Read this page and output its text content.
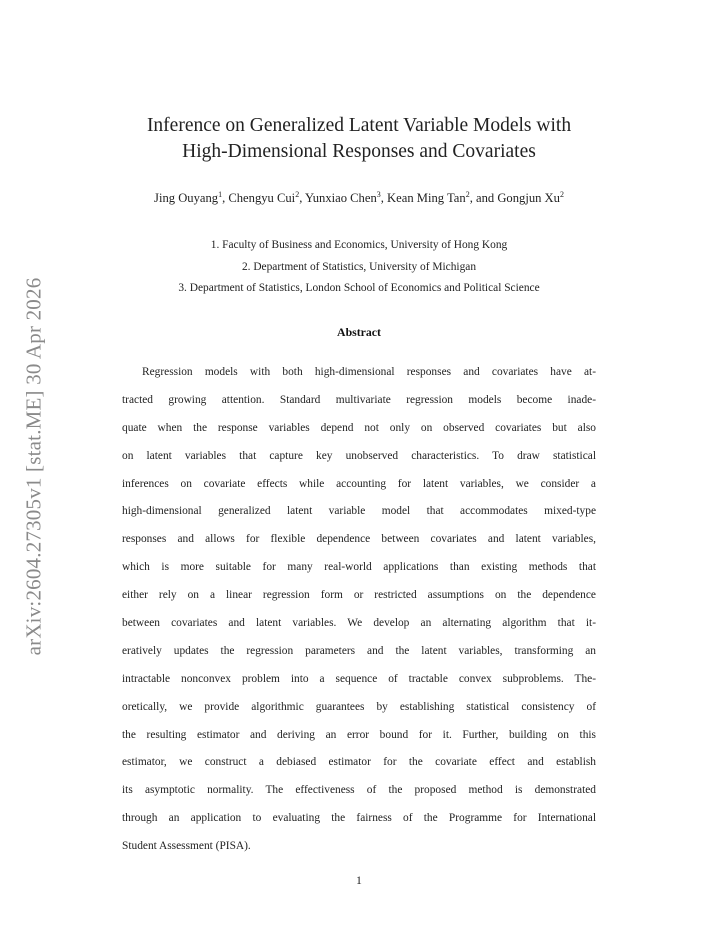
arXiv:2604.27305v1 [stat.ME] 30 Apr 2026
Inference on Generalized Latent Variable Models with
High-Dimensional Responses and Covariates
Jing Ouyang$^1$, Chengyu Cui$^2$, Yunxiao Chen$^3$, Kean Ming Tan$^2$, and Gongjun Xu$^2$
1. Faculty of Business and Economics, University of Hong Kong
2. Department of Statistics, University of Michigan
3. Department of Statistics, London School of Economics and Political Science
Abstract
Regression models with both high-dimensional responses and covariates have at-
tracted growing attention. Standard multivariate regression models become inade-
quate when the response variables depend not only on observed covariates but also
on latent variables that capture key unobserved characteristics. To draw statistical
inferences on covariate effects while accounting for latent variables, we consider a
high-dimensional generalized latent variable model that accommodates mixed-type
responses and allows for flexible dependence between covariates and latent variables,
which is more suitable for many real-world applications than existing methods that
either rely on a linear regression form or restricted assumptions on the dependence
between covariates and latent variables. We develop an alternating algorithm that it-
eratively updates the regression parameters and the latent variables, transforming an
intractable nonconvex problem into a sequence of tractable convex subproblems. The-
oretically, we provide algorithmic guarantees by establishing statistical consistency of
the resulting estimator and deriving an error bound for it. Further, building on this
estimator, we construct a debiased estimator for the covariate effect and establish
its asymptotic normality. The effectiveness of the proposed method is demonstrated
through an application to evaluating the fairness of the Programme for International
Student Assessment (PISA).
1
